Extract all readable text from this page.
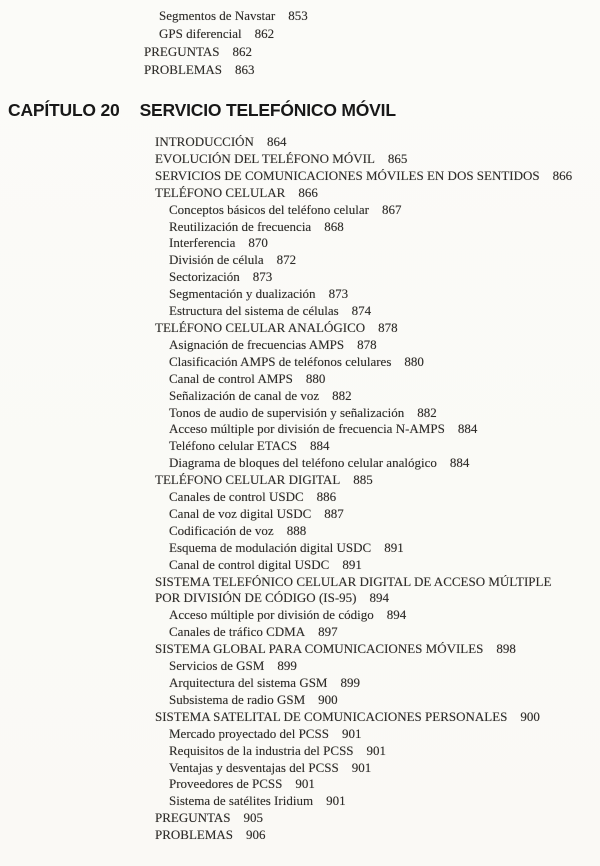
Segmentos de Navstar 853
GPS diferencial 862
PREGUNTAS 862
PROBLEMAS 863
CAPÍTULO 20 SERVICIO TELEFÓNICO MÓVIL
INTRODUCCIÓN 864
EVOLUCIÓN DEL TELÉFONO MÓVIL 865
SERVICIOS DE COMUNICACIONES MÓVILES EN DOS SENTIDOS 866
TELÉFONO CELULAR 866
Conceptos básicos del teléfono celular 867
Reutilización de frecuencia 868
Interferencia 870
División de célula 872
Sectorización 873
Segmentación y dualización 873
Estructura del sistema de células 874
TELÉFONO CELULAR ANALÓGICO 878
Asignación de frecuencias AMPS 878
Clasificación AMPS de teléfonos celulares 880
Canal de control AMPS 880
Señalización de canal de voz 882
Tonos de audio de supervisión y señalización 882
Acceso múltiple por división de frecuencia N-AMPS 884
Teléfono celular ETACS 884
Diagrama de bloques del teléfono celular analógico 884
TELÉFONO CELULAR DIGITAL 885
Canales de control USDC 886
Canal de voz digital USDC 887
Codificación de voz 888
Esquema de modulación digital USDC 891
Canal de control digital USDC 891
SISTEMA TELEFÓNICO CELULAR DIGITAL DE ACCESO MÚLTIPLE
POR DIVISIÓN DE CÓDIGO (IS-95) 894
Acceso múltiple por división de código 894
Canales de tráfico CDMA 897
SISTEMA GLOBAL PARA COMUNICACIONES MÓVILES 898
Servicios de GSM 899
Arquitectura del sistema GSM 899
Subsistema de radio GSM 900
SISTEMA SATELITAL DE COMUNICACIONES PERSONALES 900
Mercado proyectado del PCSS 901
Requisitos de la industria del PCSS 901
Ventajas y desventajas del PCSS 901
Proveedores de PCSS 901
Sistema de satélites Iridium 901
PREGUNTAS 905
PROBLEMAS 906
